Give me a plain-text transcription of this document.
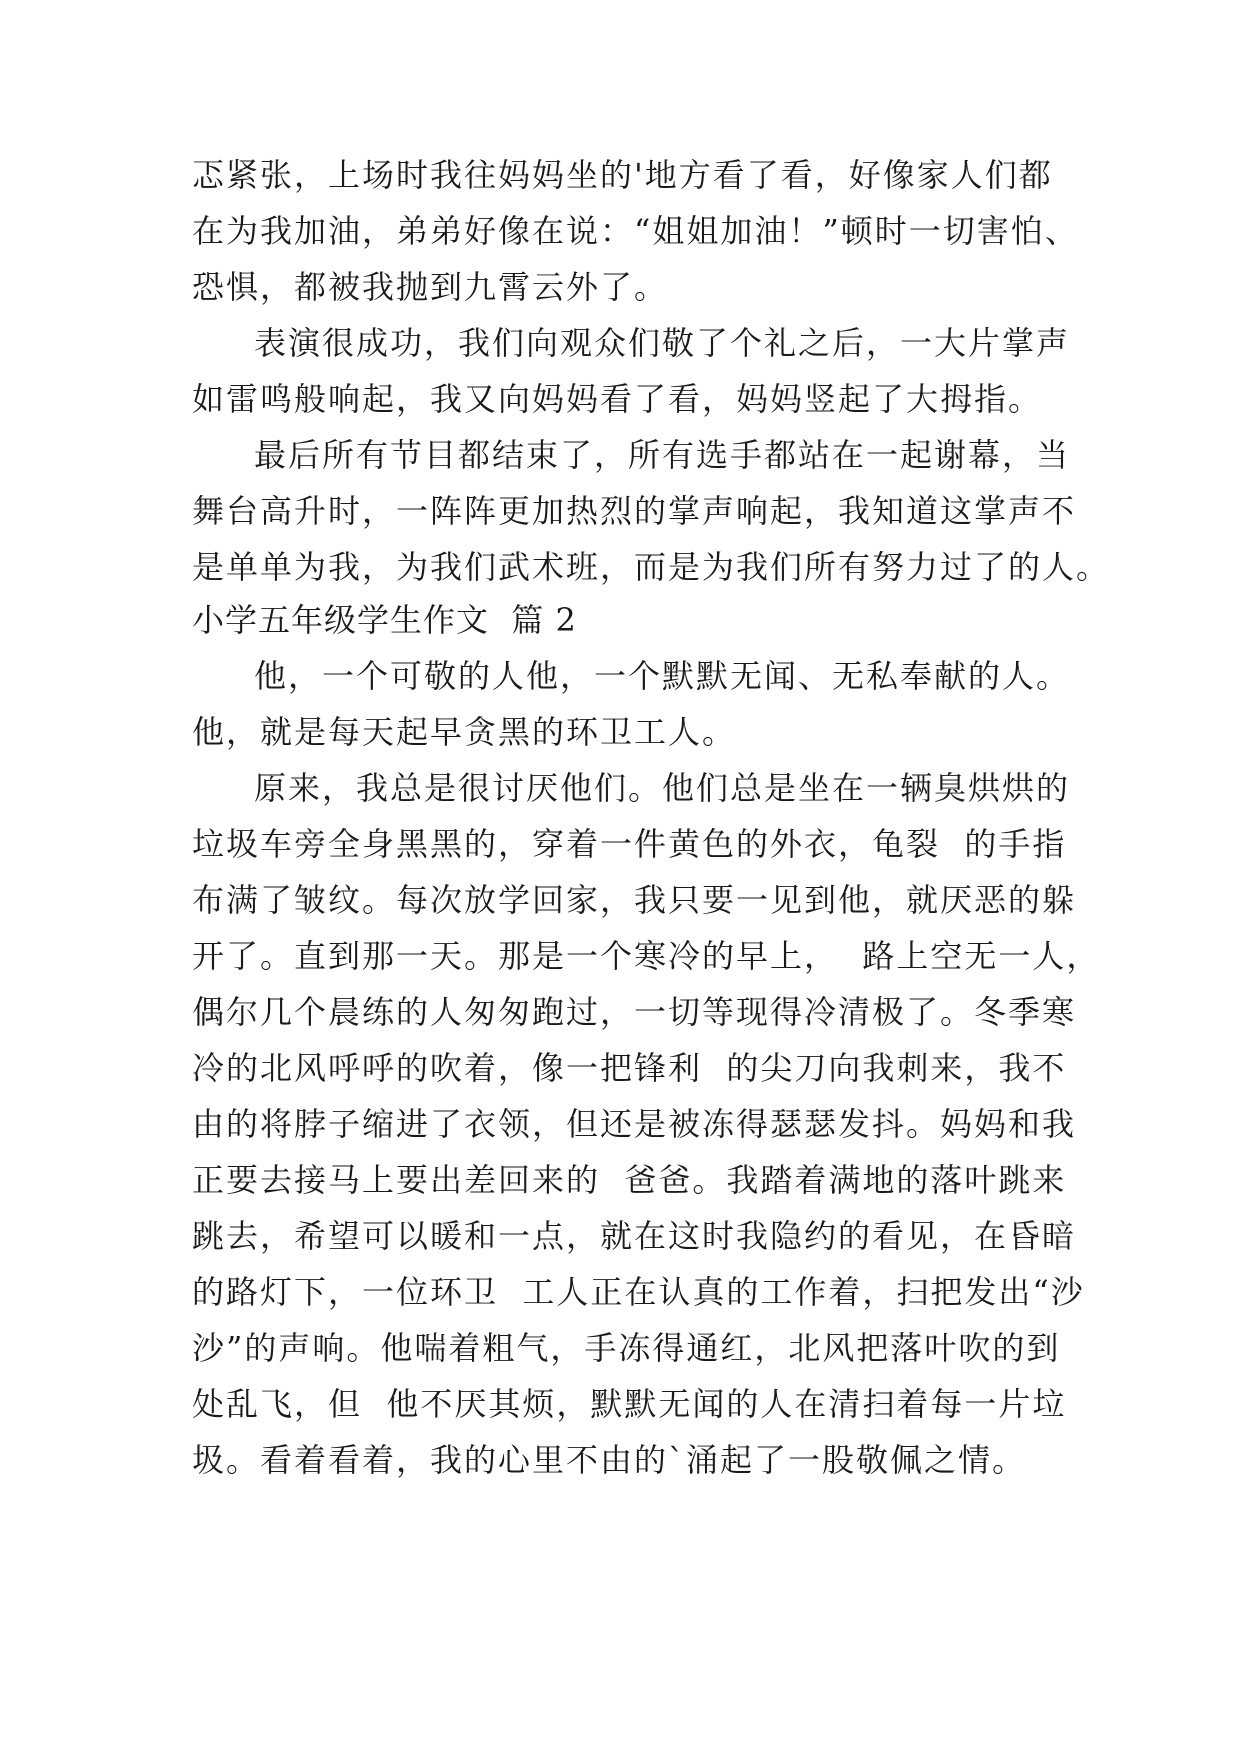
忑紧张，上场时我往妈妈坐的'地方看了看，好像家人们都
在为我加油，弟弟好像在说：“姐姐加油！”顿时一切害怕、
恐惧，都被我抛到九霄云外了。
表演很成功，我们向观众们敬了个礼之后，一大片掌声
如雷鸣般响起，我又向妈妈看了看，妈妈竖起了大拇指。
最后所有节目都结束了，所有选手都站在一起谢幕，当
舞台高升时，一阵阵更加热烈的掌声响起，我知道这掌声不
是单单为我，为我们武术班，而是为我们所有努力过了的人。
小学五年级学生作文  篇 2
他，一个可敬的人他，一个默默无闻、无私奉献的人。
他，就是每天起早贪黑的环卫工人。
原来，我总是很讨厌他们。他们总是坐在一辆臭烘烘的
垃圾车旁全身黑黑的，穿着一件黄色的外衣，龟裂  的手指
布满了皱纹。每次放学回家，我只要一见到他，就厌恶的躲
开了。直到那一天。那是一个寒冷的早上，  路上空无一人，
偶尔几个晨练的人匆匆跑过，一切等现得冷清极了。冬季寒
冷的北风呼呼的吹着，像一把锋利  的尖刀向我刺来，我不
由的将脖子缩进了衣领，但还是被冻得瑟瑟发抖。妈妈和我
正要去接马上要出差回来的  爸爸。我踏着满地的落叶跳来
跳去，希望可以暖和一点，就在这时我隐约的看见，在昏暗
的路灯下，一位环卫  工人正在认真的工作着，扫把发出“沙
沙”的声响。他喘着粗气，手冻得通红，北风把落叶吹的到
处乱飞，但  他不厌其烦，默默无闻的人在清扫着每一片垃
圾。看着看着，我的心里不由的`涌起了一股敬佩之情。
